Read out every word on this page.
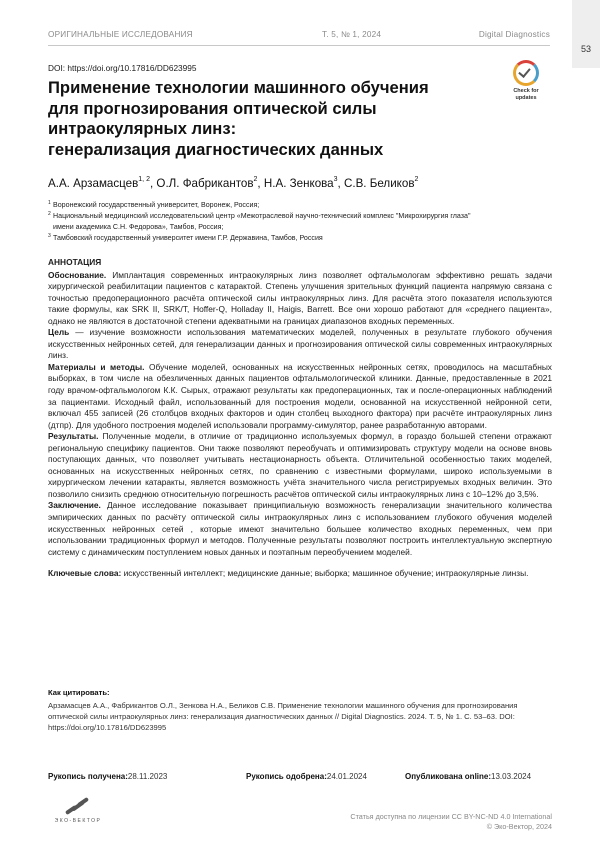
ОРИГИНАЛЬНЫЕ ИССЛЕДОВАНИЯ	Т. 5, № 1, 2024	Digital Diagnostics
53
DOI: https://doi.org/10.17816/DD623995
Check for
updates
Применение технологии машинного обучения
для прогнозирования оптической силы
интраокулярных линз:
генерализация диагностических данных
А.А. Арзамасцев$^{1, 2}$, О.Л. Фабрикантов$^2$, Н.А. Зенкова$^3$, С.В. Беликов$^2$
1 Воронежский государственный университет, Воронеж, Россия;
2 Национальный медицинский исследовательский центр «Межотраслевой научно-технический комплекс "Микрохирургия глаза"
имени академика С.Н. Федорова», Тамбов, Россия;
3 Тамбовский государственный университет имени Г.Р. Державина, Тамбов, Россия
АННОТАЦИЯ

Обоснование. Имплантация современных интраокулярных линз позволяет офтальмологам эффективно решать задачи хирургической реабилитации пациентов с катарактой. Степень улучшения зрительных функций пациента напрямую связана с точностью предоперационного расчёта оптической силы интраокулярных линз. Для расчёта этого показателя используются такие формулы, как SRK II, SRK/T, Hoffer-Q, Holladay II, Haigis, Barrett. Все они хорошо работают для «среднего пациента», однако не являются в достаточной степени адекватными на границах диапазонов входных переменных.

Цель — изучение возможности использования математических моделей, полученных в результате глубокого обучения искусственных нейронных сетей, для генерализации данных и прогнозирования оптической силы современных интраокулярных линз.

Материалы и методы. Обучение моделей, основанных на искусственных нейронных сетях, проводилось на масштабных выборках, в том числе на обезличенных данных пациентов офтальмологической клиники. Данные, предоставленные в 2021 году врачом-офтальмологом К.К. Сырых, отражают результаты как предоперационных, так и после-операционных наблюдений за пациентами. Исходный файл, использованный для построения модели, основанной на искусственной нейронной сети, включал 455 записей (26 столбцов входных факторов и один столбец выходного фактора) при расчёте интраокулярных линз (дтпр). Для удобного построения моделей использовали программу-симулятор, ранее разработанную авторами.

Результаты. Полученные модели, в отличие от традиционно используемых формул, в гораздо большей степени отражают региональную специфику пациентов. Они также позволяют переобучать и оптимизировать структуру модели на основе вновь поступающих данных, что позволяет учитывать нестационарность объекта. Отличительной особенностью таких моделей, основанных на искусственных нейронных сетях, по сравнению с известными формулами, широко используемыми в хирургическом лечении катаракты, является возможность учёта значительного числа регистрируемых входных величин. Это позволило снизить среднюю относительную погрешность расчётов оптической силы интраокулярных линз с 10–12% до 3,5%.

Заключение. Данное исследование показывает принципиальную возможность генерализации значительного количества эмпирических данных по расчёту оптической силы интраокулярных линз с использованием глубокого обучения моделей искусственных нейронных сетей , которые имеют значительно большее количество входных переменных, чем при использовании традиционных формул и методов. Полученные результаты позволяют построить интеллектуальную экспертную систему с динамическим поступлением новых данных и поэтапным переобучением моделей.

Ключевые слова: искусственный интеллект; медицинские данные; выборка; машинное обучение; интраокулярные линзы.

Как цитировать:
Арзамасцев А.А., Фабрикантов О.Л., Зенкова Н.А., Беликов С.В. Применение технологии машинного обучения для прогнозирования оптической силы интраокулярных линз: генерализация диагностических данных // Digital Diagnostics. 2024. Т. 5, № 1. С. 53–63. DOI: https://doi.org/10.17816/DD623995
Рукопись получена: 28.11.2023	Рукопись одобрена: 24.01.2024	Опубликована online: 13.03.2024
ЭКО-ВЕКТОР	Статья доступна по лицензии CC BY-NC-ND 4.0 International
© Эко-Вектор, 2024
